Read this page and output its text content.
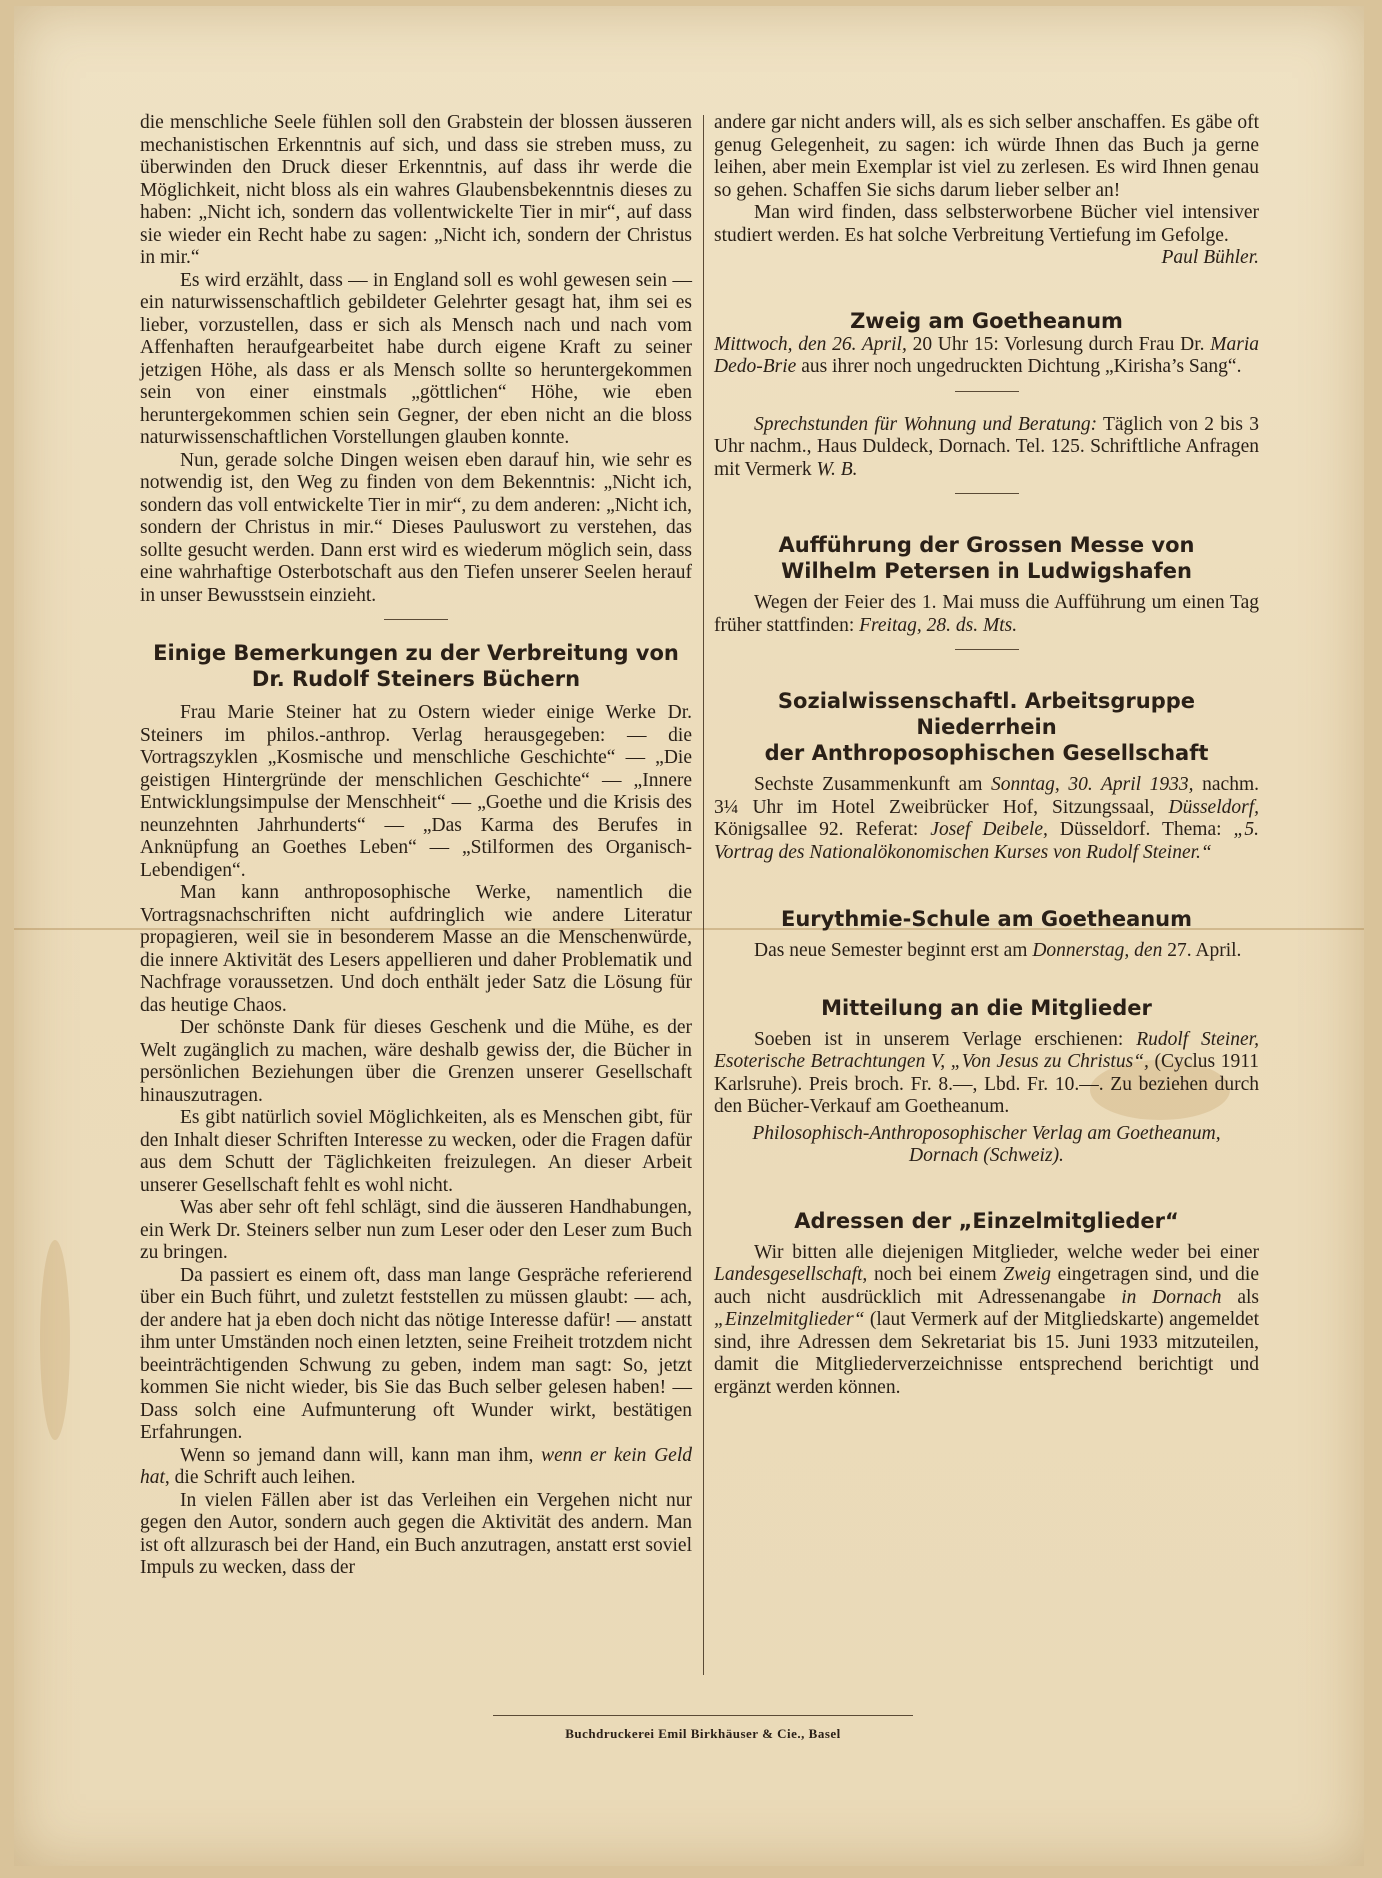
die menschliche Seele fühlen soll den Grabstein der blossen äusseren mechanistischen Erkenntnis auf sich, und dass sie streben muss, zu überwinden den Druck dieser Erkenntnis, auf dass ihr werde die Möglichkeit, nicht bloss als ein wahres Glaubensbekenntnis dieses zu haben: „Nicht ich, sondern das vollentwickelte Tier in mir“, auf dass sie wieder ein Recht habe zu sagen: „Nicht ich, sondern der Christus in mir.“

Es wird erzählt, dass — in England soll es wohl gewesen sein — ein naturwissenschaftlich gebildeter Gelehrter gesagt hat, ihm sei es lieber, vorzustellen, dass er sich als Mensch nach und nach vom Affenhaften heraufgearbeitet habe durch eigene Kraft zu seiner jetzigen Höhe, als dass er als Mensch sollte so heruntergekommen sein von einer einstmals „göttlichen“ Höhe, wie eben heruntergekommen schien sein Gegner, der eben nicht an die bloss naturwissenschaftlichen Vorstellungen glauben konnte.

Nun, gerade solche Dingen weisen eben darauf hin, wie sehr es notwendig ist, den Weg zu finden von dem Bekenntnis: „Nicht ich, sondern das voll entwickelte Tier in mir“, zu dem anderen: „Nicht ich, sondern der Christus in mir.“ Dieses Pauluswort zu verstehen, das sollte gesucht werden. Dann erst wird es wiederum möglich sein, dass eine wahrhaftige Osterbotschaft aus den Tiefen unserer Seelen herauf in unser Bewusstsein einzieht.

Einige Bemerkungen zu der Verbreitung von
Dr. Rudolf Steiners Büchern

Frau Marie Steiner hat zu Ostern wieder einige Werke Dr. Steiners im philos.-anthrop. Verlag herausgegeben: — die Vortragszyklen „Kosmische und menschliche Geschichte“ — „Die geistigen Hintergründe der menschlichen Geschichte“ — „Innere Entwicklungsimpulse der Menschheit“ — „Goethe und die Krisis des neunzehnten Jahrhunderts“ — „Das Karma des Berufes in Anknüpfung an Goethes Leben“ — „Stilformen des Organisch-Lebendigen“.

Man kann anthroposophische Werke, namentlich die Vortragsnachschriften nicht aufdringlich wie andere Literatur propagieren, weil sie in besonderem Masse an die Menschenwürde, die innere Aktivität des Lesers appellieren und daher Problematik und Nachfrage voraussetzen. Und doch enthält jeder Satz die Lösung für das heutige Chaos.

Der schönste Dank für dieses Geschenk und die Mühe, es der Welt zugänglich zu machen, wäre deshalb gewiss der, die Bücher in persönlichen Beziehungen über die Grenzen unserer Gesellschaft hinauszutragen.

Es gibt natürlich soviel Möglichkeiten, als es Menschen gibt, für den Inhalt dieser Schriften Interesse zu wecken, oder die Fragen dafür aus dem Schutt der Täglichkeiten freizulegen. An dieser Arbeit unserer Gesellschaft fehlt es wohl nicht.

Was aber sehr oft fehl schlägt, sind die äusseren Handhabungen, ein Werk Dr. Steiners selber nun zum Leser oder den Leser zum Buch zu bringen.

Da passiert es einem oft, dass man lange Gespräche referierend über ein Buch führt, und zuletzt feststellen zu müssen glaubt: — ach, der andere hat ja eben doch nicht das nötige Interesse dafür! — anstatt ihm unter Umständen noch einen letzten, seine Freiheit trotzdem nicht beeinträchtigenden Schwung zu geben, indem man sagt: So, jetzt kommen Sie nicht wieder, bis Sie das Buch selber gelesen haben! — Dass solch eine Aufmunterung oft Wunder wirkt, bestätigen Erfahrungen.

Wenn so jemand dann will, kann man ihm, wenn er kein Geld hat, die Schrift auch leihen.

In vielen Fällen aber ist das Verleihen ein Vergehen nicht nur gegen den Autor, sondern auch gegen die Aktivität des andern. Man ist oft allzurasch bei der Hand, ein Buch anzutragen, anstatt erst soviel Impuls zu wecken, dass der

andere gar nicht anders will, als es sich selber anschaffen. Es gäbe oft genug Gelegenheit, zu sagen: ich würde Ihnen das Buch ja gerne leihen, aber mein Exemplar ist viel zu zerlesen. Es wird Ihnen genau so gehen. Schaffen Sie sichs darum lieber selber an!

Man wird finden, dass selbsterworbene Bücher viel intensiver studiert werden. Es hat solche Verbreitung Vertiefung im Gefolge.

Paul Bühler.

Zweig am Goetheanum

Mittwoch, den 26. April, 20 Uhr 15: Vorlesung durch Frau Dr. Maria Dedo-Brie aus ihrer noch ungedruckten Dichtung „Kirisha’s Sang“.

Sprechstunden für Wohnung und Beratung: Täglich von 2 bis 3 Uhr nachm., Haus Duldeck, Dornach. Tel. 125. Schriftliche Anfragen mit Vermerk W. B.

Aufführung der Grossen Messe von
Wilhelm Petersen in Ludwigshafen

Wegen der Feier des 1. Mai muss die Aufführung um einen Tag früher stattfinden: Freitag, 28. ds. Mts.

Sozialwissenschaftl. Arbeitsgruppe Niederrhein
der Anthroposophischen Gesellschaft

Sechste Zusammenkunft am Sonntag, 30. April 1933, nachm. 3¼ Uhr im Hotel Zweibrücker Hof, Sitzungssaal, Düsseldorf, Königsallee 92. Referat: Josef Deibele, Düsseldorf. Thema: „5. Vortrag des Nationalökonomischen Kurses von Rudolf Steiner.“

Eurythmie-Schule am Goetheanum

Das neue Semester beginnt erst am Donnerstag, den 27. April.

Mitteilung an die Mitglieder

Soeben ist in unserem Verlage erschienen: Rudolf Steiner, Esoterische Betrachtungen V, „Von Jesus zu Christus“, (Cyclus 1911 Karlsruhe). Preis broch. Fr. 8.—, Lbd. Fr. 10.—. Zu beziehen durch den Bücher-Verkauf am Goetheanum.

Philosophisch-Anthroposophischer Verlag am Goetheanum,
Dornach (Schweiz).

Adressen der „Einzelmitglieder“

Wir bitten alle diejenigen Mitglieder, welche weder bei einer Landesgesellschaft, noch bei einem Zweig eingetragen sind, und die auch nicht ausdrücklich mit Adressenangabe in Dornach als „Einzelmitglieder“ (laut Vermerk auf der Mitgliedskarte) angemeldet sind, ihre Adressen dem Sekretariat bis 15. Juni 1933 mitzuteilen, damit die Mitgliederverzeichnisse entsprechend berichtigt und ergänzt werden können.

Buchdruckerei Emil Birkhäuser & Cie., Basel
